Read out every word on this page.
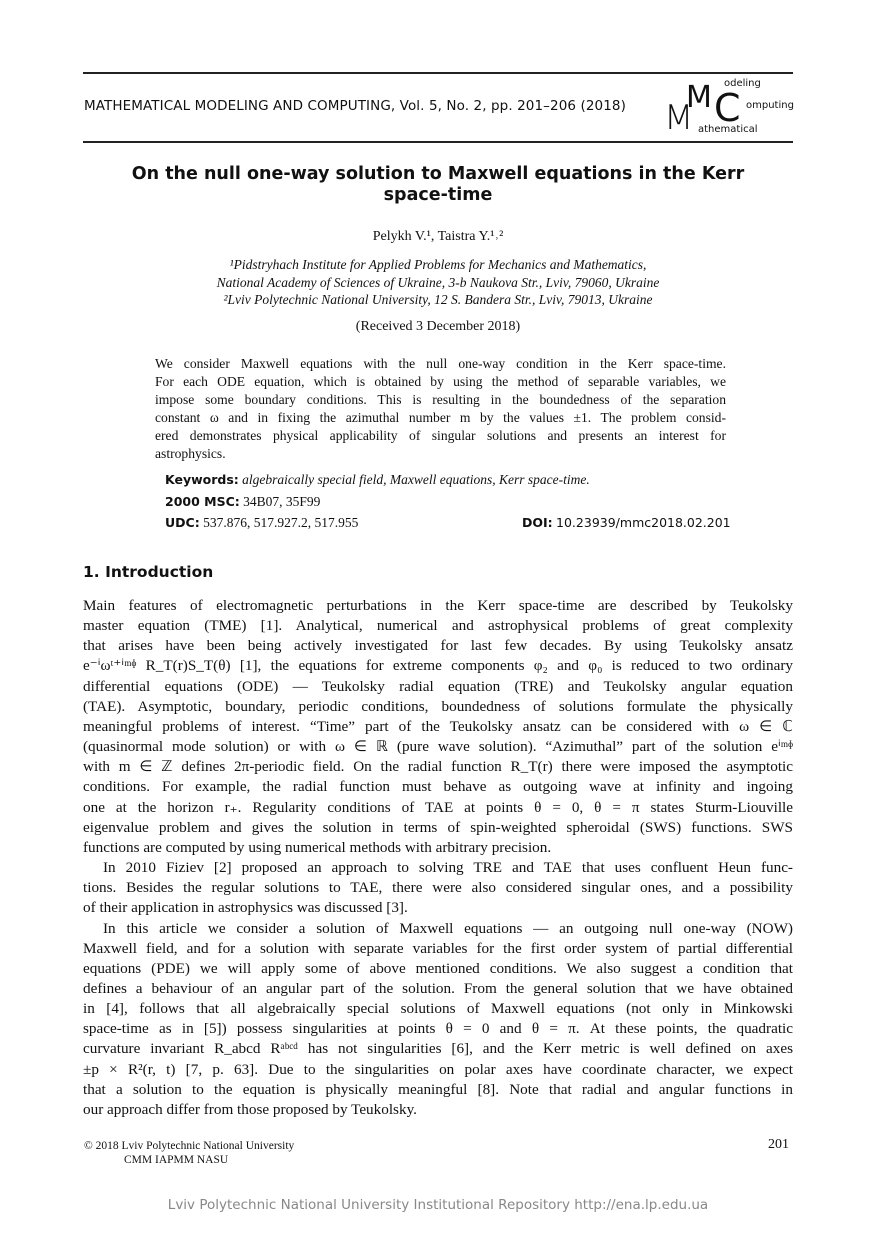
MATHEMATICAL MODELING AND COMPUTING, Vol. 5, No. 2, pp. 201–206 (2018) M
M C
odeling
omputing
athematical
On the null one-way solution to Maxwell equations in the Kerr space-time
Pelykh V.¹, Taistra Y.¹˒²
¹Pidstryhach Institute for Applied Problems for Mechanics and Mathematics,
National Academy of Sciences of Ukraine, 3-b Naukova Str., Lviv, 79060, Ukraine
²Lviv Polytechnic National University, 12 S. Bandera Str., Lviv, 79013, Ukraine
(Received 3 December 2018)
We consider Maxwell equations with the null one-way condition in the Kerr space-time.
For each ODE equation, which is obtained by using the method of separable variables, we
impose some boundary conditions. This is resulting in the boundedness of the separation
constant ω and in fixing the azimuthal number m by the values ±1. The problem consid-
ered demonstrates physical applicability of singular solutions and presents an interest for
astrophysics.
Keywords: algebraically special field, Maxwell equations, Kerr space-time.
2000 MSC: 34B07, 35F99
UDC: 537.876, 517.927.2, 517.955	DOI: 10.23939/mmc2018.02.201
1. Introduction
Main features of electromagnetic perturbations in the Kerr space-time are described by Teukolsky
master equation (TME) [1]. Analytical, numerical and astrophysical problems of great complexity
that arises have been being actively investigated for last few decades. By using Teukolsky ansatz
e⁻ⁱωᵗ⁺ⁱᵐᶲ R_T(r)S_T(θ) [1], the equations for extreme components φ₂ and φ₀ is reduced to two ordinary
differential equations (ODE) — Teukolsky radial equation (TRE) and Teukolsky angular equation
(TAE). Asymptotic, boundary, periodic conditions, boundedness of solutions formulate the physically
meaningful problems of interest. “Time” part of the Teukolsky ansatz can be considered with ω ∈ ℂ
(quasinormal mode solution) or with ω ∈ ℝ (pure wave solution). “Azimuthal” part of the solution eⁱᵐᶲ
with m ∈ ℤ defines 2π-periodic field. On the radial function R_T(r) there were imposed the asymptotic
conditions. For example, the radial function must behave as outgoing wave at infinity and ingoing
one at the horizon r₊. Regularity conditions of TAE at points θ = 0, θ = π states Sturm-Liouville
eigenvalue problem and gives the solution in terms of spin-weighted spheroidal (SWS) functions. SWS
functions are computed by using numerical methods with arbitrary precision.
In 2010 Fiziev [2] proposed an approach to solving TRE and TAE that uses confluent Heun func-
tions. Besides the regular solutions to TAE, there were also considered singular ones, and a possibility
of their application in astrophysics was discussed [3].
In this article we consider a solution of Maxwell equations — an outgoing null one-way (NOW)
Maxwell field, and for a solution with separate variables for the first order system of partial differential
equations (PDE) we will apply some of above mentioned conditions. We also suggest a condition that
defines a behaviour of an angular part of the solution. From the general solution that we have obtained
in [4], follows that all algebraically special solutions of Maxwell equations (not only in Minkowski
space-time as in [5]) possess singularities at points θ = 0 and θ = π. At these points, the quadratic
curvature invariant R_abcd Rᵃᵇᶜᵈ has not singularities [6], and the Kerr metric is well defined on axes
±p × R²(r, t) [7, p. 63]. Due to the singularities on polar axes have coordinate character, we expect
that a solution to the equation is physically meaningful [8]. Note that radial and angular functions in
our approach differ from those proposed by Teukolsky.
© 2018 Lviv Polytechnic National University
CMM IAPMM NASU
201
Lviv Polytechnic National University Institutional Repository http://ena.lp.edu.ua
